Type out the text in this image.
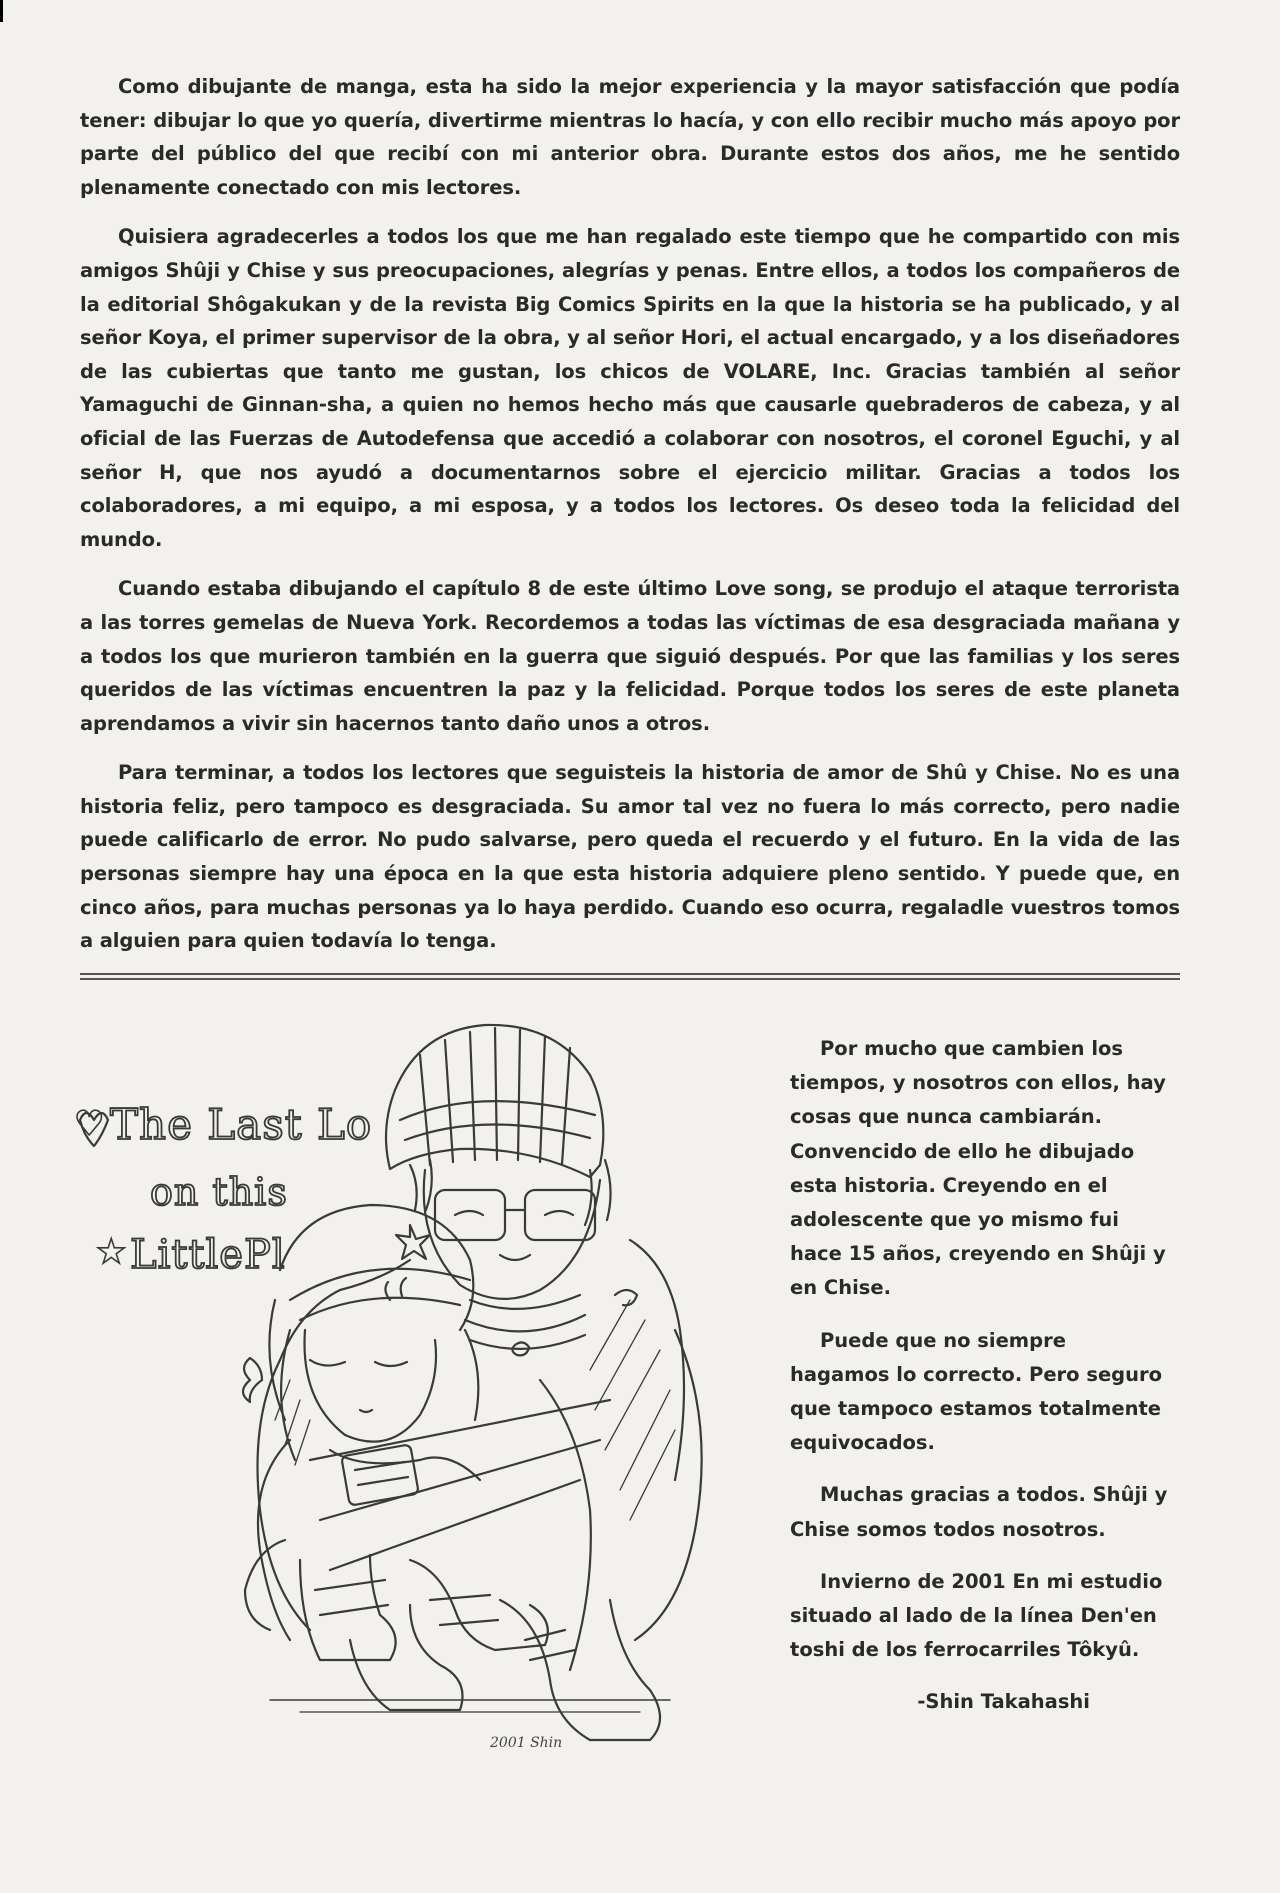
Como dibujante de manga, esta ha sido la mejor experiencia y la mayor satisfacción que podía tener: dibujar lo que yo quería, divertirme mientras lo hacía, y con ello recibir mucho más apoyo por parte del público del que recibí con mi anterior obra. Durante estos dos años, me he sentido plenamente conectado con mis lectores.

Quisiera agradecerles a todos los que me han regalado este tiempo que he compartido con mis amigos Shûji y Chise y sus preocupaciones, alegrías y penas. Entre ellos, a todos los compañeros de la editorial Shôgakukan y de la revista Big Comics Spirits en la que la historia se ha publicado, y al señor Koya, el primer supervisor de la obra, y al señor Hori, el actual encargado, y a los diseñadores de las cubiertas que tanto me gustan, los chicos de VOLARE, Inc. Gracias también al señor Yamaguchi de Ginnan-sha, a quien no hemos hecho más que causarle quebraderos de cabeza, y al oficial de las Fuerzas de Autodefensa que accedió a colaborar con nosotros, el coronel Eguchi, y al señor H, que nos ayudó a documentarnos sobre el ejercicio militar. Gracias a todos los colaboradores, a mi equipo, a mi esposa, y a todos los lectores. Os deseo toda la felicidad del mundo.

Cuando estaba dibujando el capítulo 8 de este último Love song, se produjo el ataque terrorista a las torres gemelas de Nueva York. Recordemos a todas las víctimas de esa desgraciada mañana y a todos los que murieron también en la guerra que siguió después. Por que las familias y los seres queridos de las víctimas encuentren la paz y la felicidad. Porque todos los seres de este planeta aprendamos a vivir sin hacernos tanto daño unos a otros.

Para terminar, a todos los lectores que seguisteis la historia de amor de Shû y Chise. No es una historia feliz, pero tampoco es desgraciada. Su amor tal vez no fuera lo más correcto, pero nadie puede calificarlo de error. No pudo salvarse, pero queda el recuerdo y el futuro. En la vida de las personas siempre hay una época en la que esta historia adquiere pleno sentido. Y puede que, en cinco años, para muchas personas ya lo haya perdido. Cuando eso ocurra, regaladle vuestros tomos a alguien para quien todavía lo tenga.

The Last Lo
on this
LittlePl
★
♥
2001 Shin

Por mucho que cambien los tiempos, y nosotros con ellos, hay cosas que nunca cambiarán. Convencido de ello he dibujado esta historia. Creyendo en el adolescente que yo mismo fui hace 15 años, creyendo en Shûji y en Chise.

Puede que no siempre hagamos lo correcto. Pero seguro que tampoco estamos totalmente equivocados.

Muchas gracias a todos. Shûji y Chise somos todos nosotros.

Invierno de 2001 En mi estudio situado al lado de la línea Den'en toshi de los ferrocarriles Tôkyû.

-Shin Takahashi
